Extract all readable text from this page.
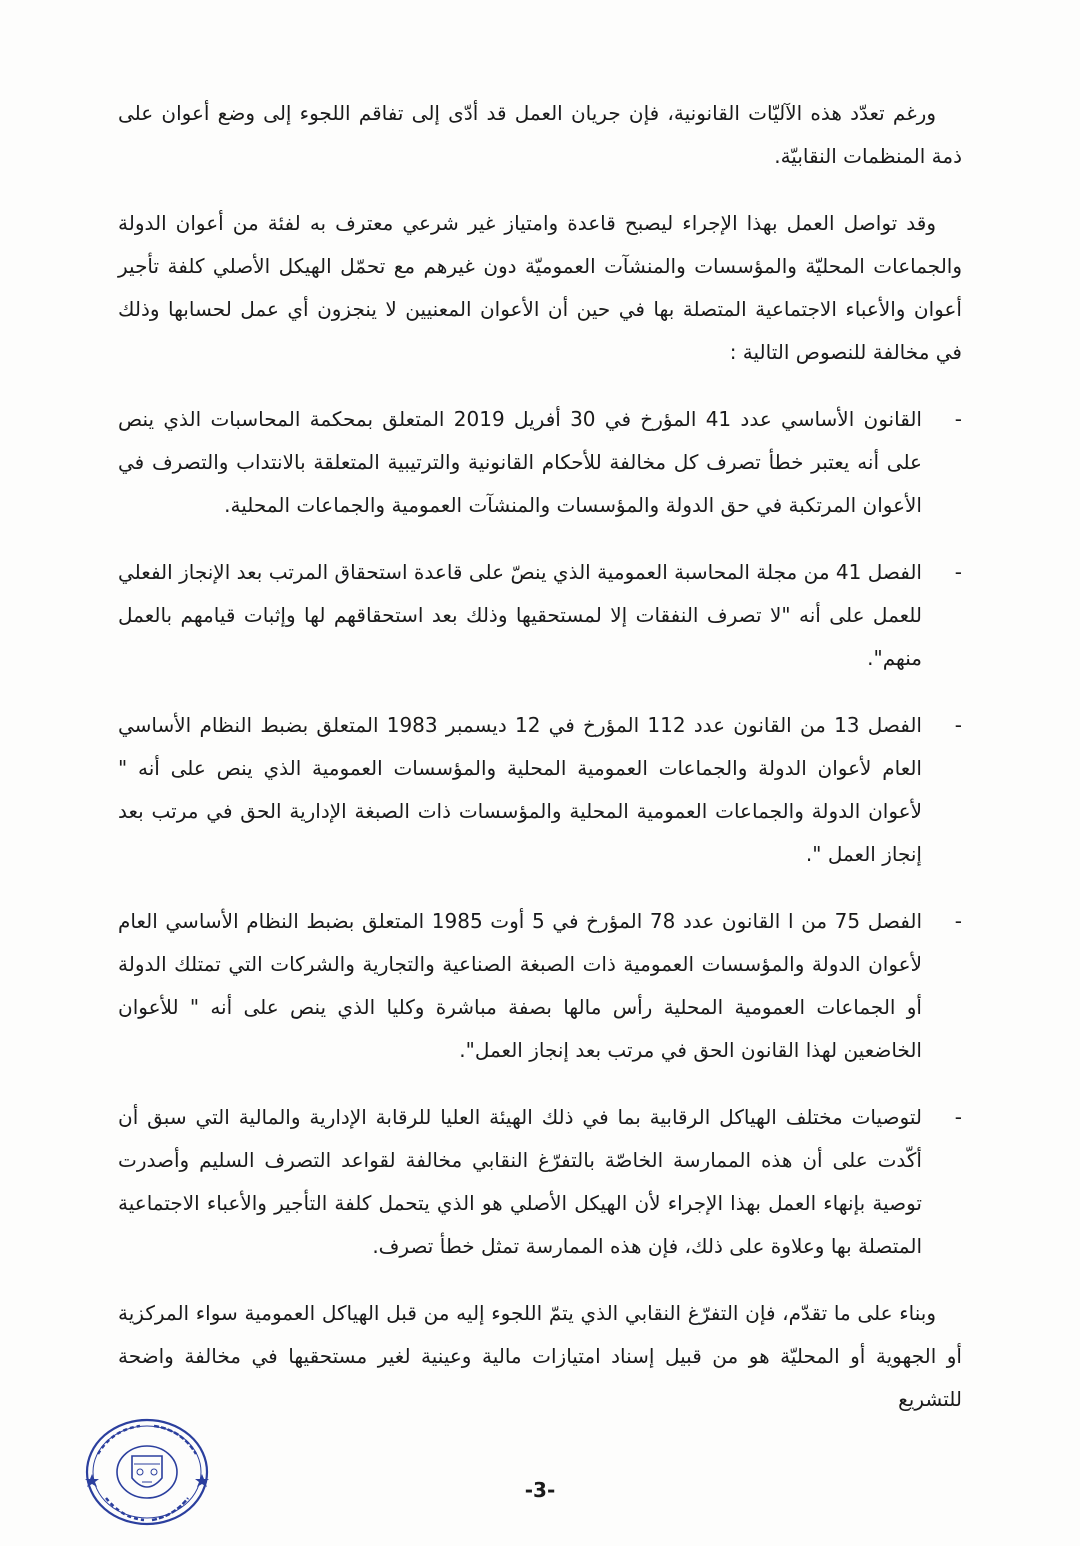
ورغم تعدّد هذه الآليّات القانونية، فإن جريان العمل قد أدّى إلى تفاقم اللجوء إلى وضع أعوان على ذمة المنظمات النقابيّة.

وقد تواصل العمل بهذا الإجراء ليصبح قاعدة وامتياز غير شرعي معترف به لفئة من أعوان الدولة والجماعات المحليّة والمؤسسات والمنشآت العموميّة دون غيرهم مع تحمّل الهيكل الأصلي كلفة تأجير أعوان والأعباء الاجتماعية المتصلة بها في حين أن الأعوان المعنيين لا ينجزون أي عمل لحسابها وذلك في مخالفة للنصوص التالية :

-
القانون الأساسي عدد 41 المؤرخ في 30 أفريل 2019 المتعلق بمحكمة المحاسبات الذي ينص على أنه يعتبر خطأ تصرف كل مخالفة للأحكام القانونية والترتيبية المتعلقة بالانتداب والتصرف في الأعوان المرتكبة في حق الدولة والمؤسسات والمنشآت العمومية والجماعات المحلية.
-
الفصل 41 من مجلة المحاسبة العمومية الذي ينصّ على قاعدة استحقاق المرتب بعد الإنجاز الفعلي للعمل على أنه "لا تصرف النفقات إلا لمستحقيها وذلك بعد استحقاقهم لها وإثبات قيامهم بالعمل منهم".
-
الفصل 13 من القانون عدد 112 المؤرخ في 12 ديسمبر 1983 المتعلق بضبط النظام الأساسي العام لأعوان الدولة والجماعات العمومية المحلية والمؤسسات العمومية الذي ينص على أنه " لأعوان الدولة والجماعات العمومية المحلية والمؤسسات ذات الصبغة الإدارية الحق في مرتب بعد إنجاز العمل ".
-
الفصل 75 من ا القانون عدد 78 المؤرخ في 5 أوت 1985 المتعلق بضبط النظام الأساسي العام لأعوان الدولة والمؤسسات العمومية ذات الصبغة الصناعية والتجارية والشركات التي تمتلك الدولة أو الجماعات العمومية المحلية رأس مالها بصفة مباشرة وكليا الذي ينص على أنه " للأعوان الخاضعين لهذا القانون الحق في مرتب بعد إنجاز العمل".
-
لتوصيات مختلف الهياكل الرقابية بما في ذلك الهيئة العليا للرقابة الإدارية والمالية التي سبق أن أكّدت على أن هذه الممارسة الخاصّة بالتفرّغ النقابي مخالفة لقواعد التصرف السليم وأصدرت توصية بإنهاء العمل بهذا الإجراء لأن الهيكل الأصلي هو الذي يتحمل كلفة التأجير والأعباء الاجتماعية المتصلة بها وعلاوة على ذلك، فإن هذه الممارسة تمثل خطأ تصرف.

وبناء على ما تقدّم، فإن التفرّغ النقابي الذي يتمّ اللجوء إليه من قبل الهياكل العمومية سواء المركزية أو الجهوية أو المحليّة هو من قبيل إسناد امتيازات مالية وعينية لغير مستحقيها في مخالفة واضحة للتشريع

-3-
